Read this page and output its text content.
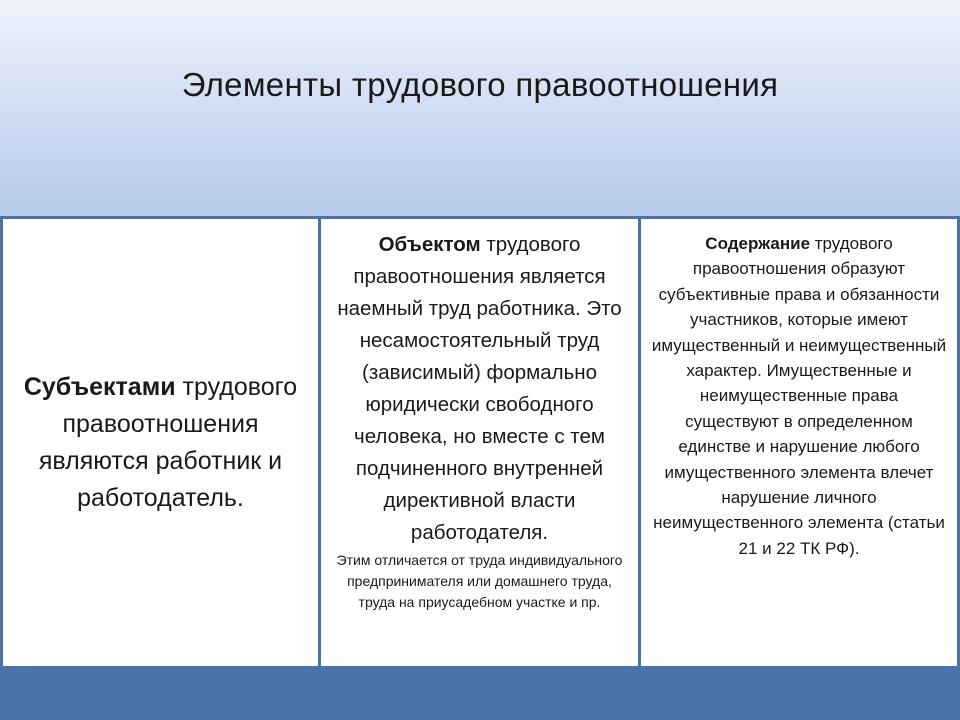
Элементы трудового правоотношения
Субъектами трудового правоотношения являются работник и работодатель.
Объектом трудового правоотношения является наемный труд работника. Это несамостоятельный труд (зависимый) формально юридически свободного человека, но вместе с тем подчиненного внутренней директивной власти работодателя.
Этим отличается от труда индивидуального предпринимателя или домашнего труда, труда на приусадебном участке и пр.
Содержание трудового правоотношения образуют субъективные права и обязанности участников, которые имеют имущественный и неимущественный характер. Имущественные и неимущественные права существуют в определенном единстве и нарушение любого имущественного элемента влечет нарушение личного неимущественного элемента (статьи 21 и 22 ТК РФ).
